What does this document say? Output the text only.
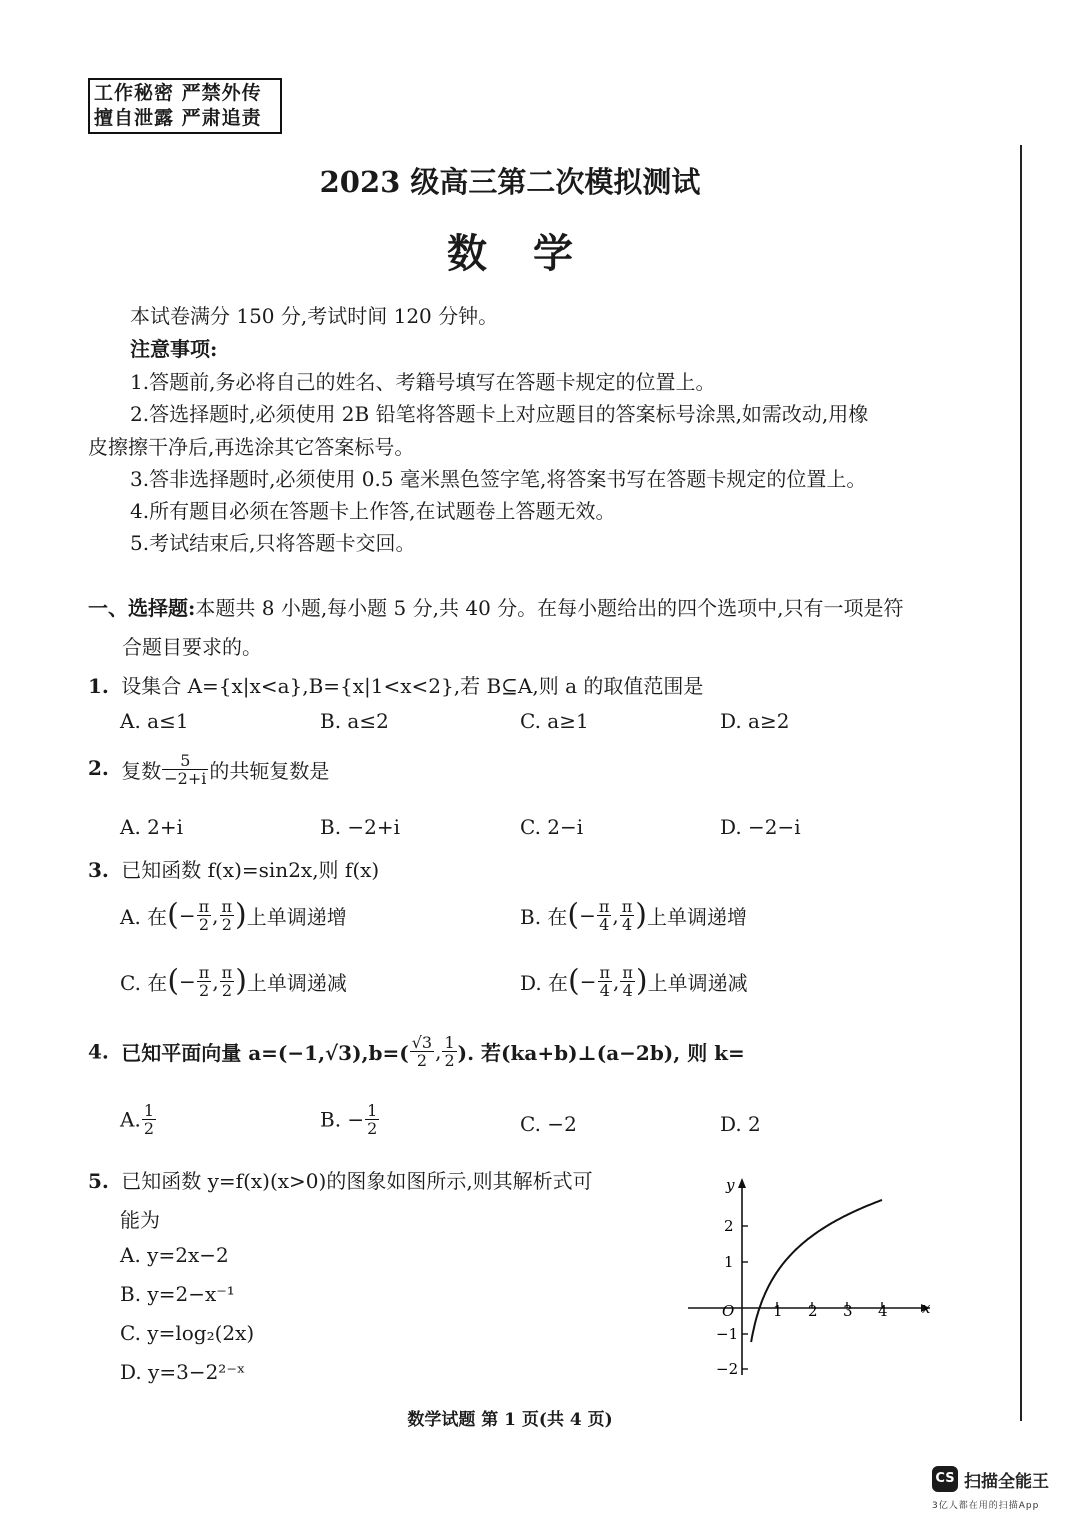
工作秘密 严禁外传
擅自泄露 严肃追责
2023 级高三第二次模拟测试
数学
本试卷满分 150 分,考试时间 120 分钟。
注意事项:
1.答题前,务必将自己的姓名、考籍号填写在答题卡规定的位置上。
2.答选择题时,必须使用 2B 铅笔将答题卡上对应题目的答案标号涂黑,如需改动,用橡
皮擦擦干净后,再选涂其它答案标号。
3.答非选择题时,必须使用 0.5 毫米黑色签字笔,将答案书写在答题卡规定的位置上。
4.所有题目必须在答题卡上作答,在试题卷上答题无效。
5.考试结束后,只将答题卡交回。
一、选择题:本题共 8 小题,每小题 5 分,共 40 分。在每小题给出的四个选项中,只有一项是符
合题目要求的。
1. 设集合 A={x|x<a},B={x|1<x<2},若 B⊆A,则 a 的取值范围是
A. a≤1	B. a≤2	C. a≥1	D. a≥2
2. 复数 $\frac{5}{-2+i}$ 的共轭复数是
A. 2+i	B. −2+i	C. 2−i	D. −2−i
3. 已知函数 f(x)=sin2x,则 f(x)
A. 在(− $\frac{\pi}{2}$ , $\frac{\pi}{2}$ )上单调递增	B. 在(− $\frac{\pi}{4}$ , $\frac{\pi}{4}$ )上单调递增
C. 在(− $\frac{\pi}{2}$ , $\frac{\pi}{2}$ )上单调递减	D. 在(− $\frac{\pi}{4}$ , $\frac{\pi}{4}$ )上单调递减
4. 已知平面向量 $a=(-1,√3),b=( \frac{√3}{2}$ , $\frac{1}{2}$ ). 若(ka+b)⊥(a−2b), 则 k=
A. $\frac{1}{2}$	B. − $\frac{1}{2}$	C. −2	D. 2
5. 已知函数 y=f(x)(x>0)的图象如图所示,则其解析式可
能为
A. y=2x−2
B. y=2−x⁻¹
C. y=log₂(2x)
D. y=3−2²⁻ˣ
y
x
O	1 2 3 4
2
1
−1
−2
数学试题 第 1 页(共 4 页)
CS 扫描全能王
3亿人都在用的扫描App
